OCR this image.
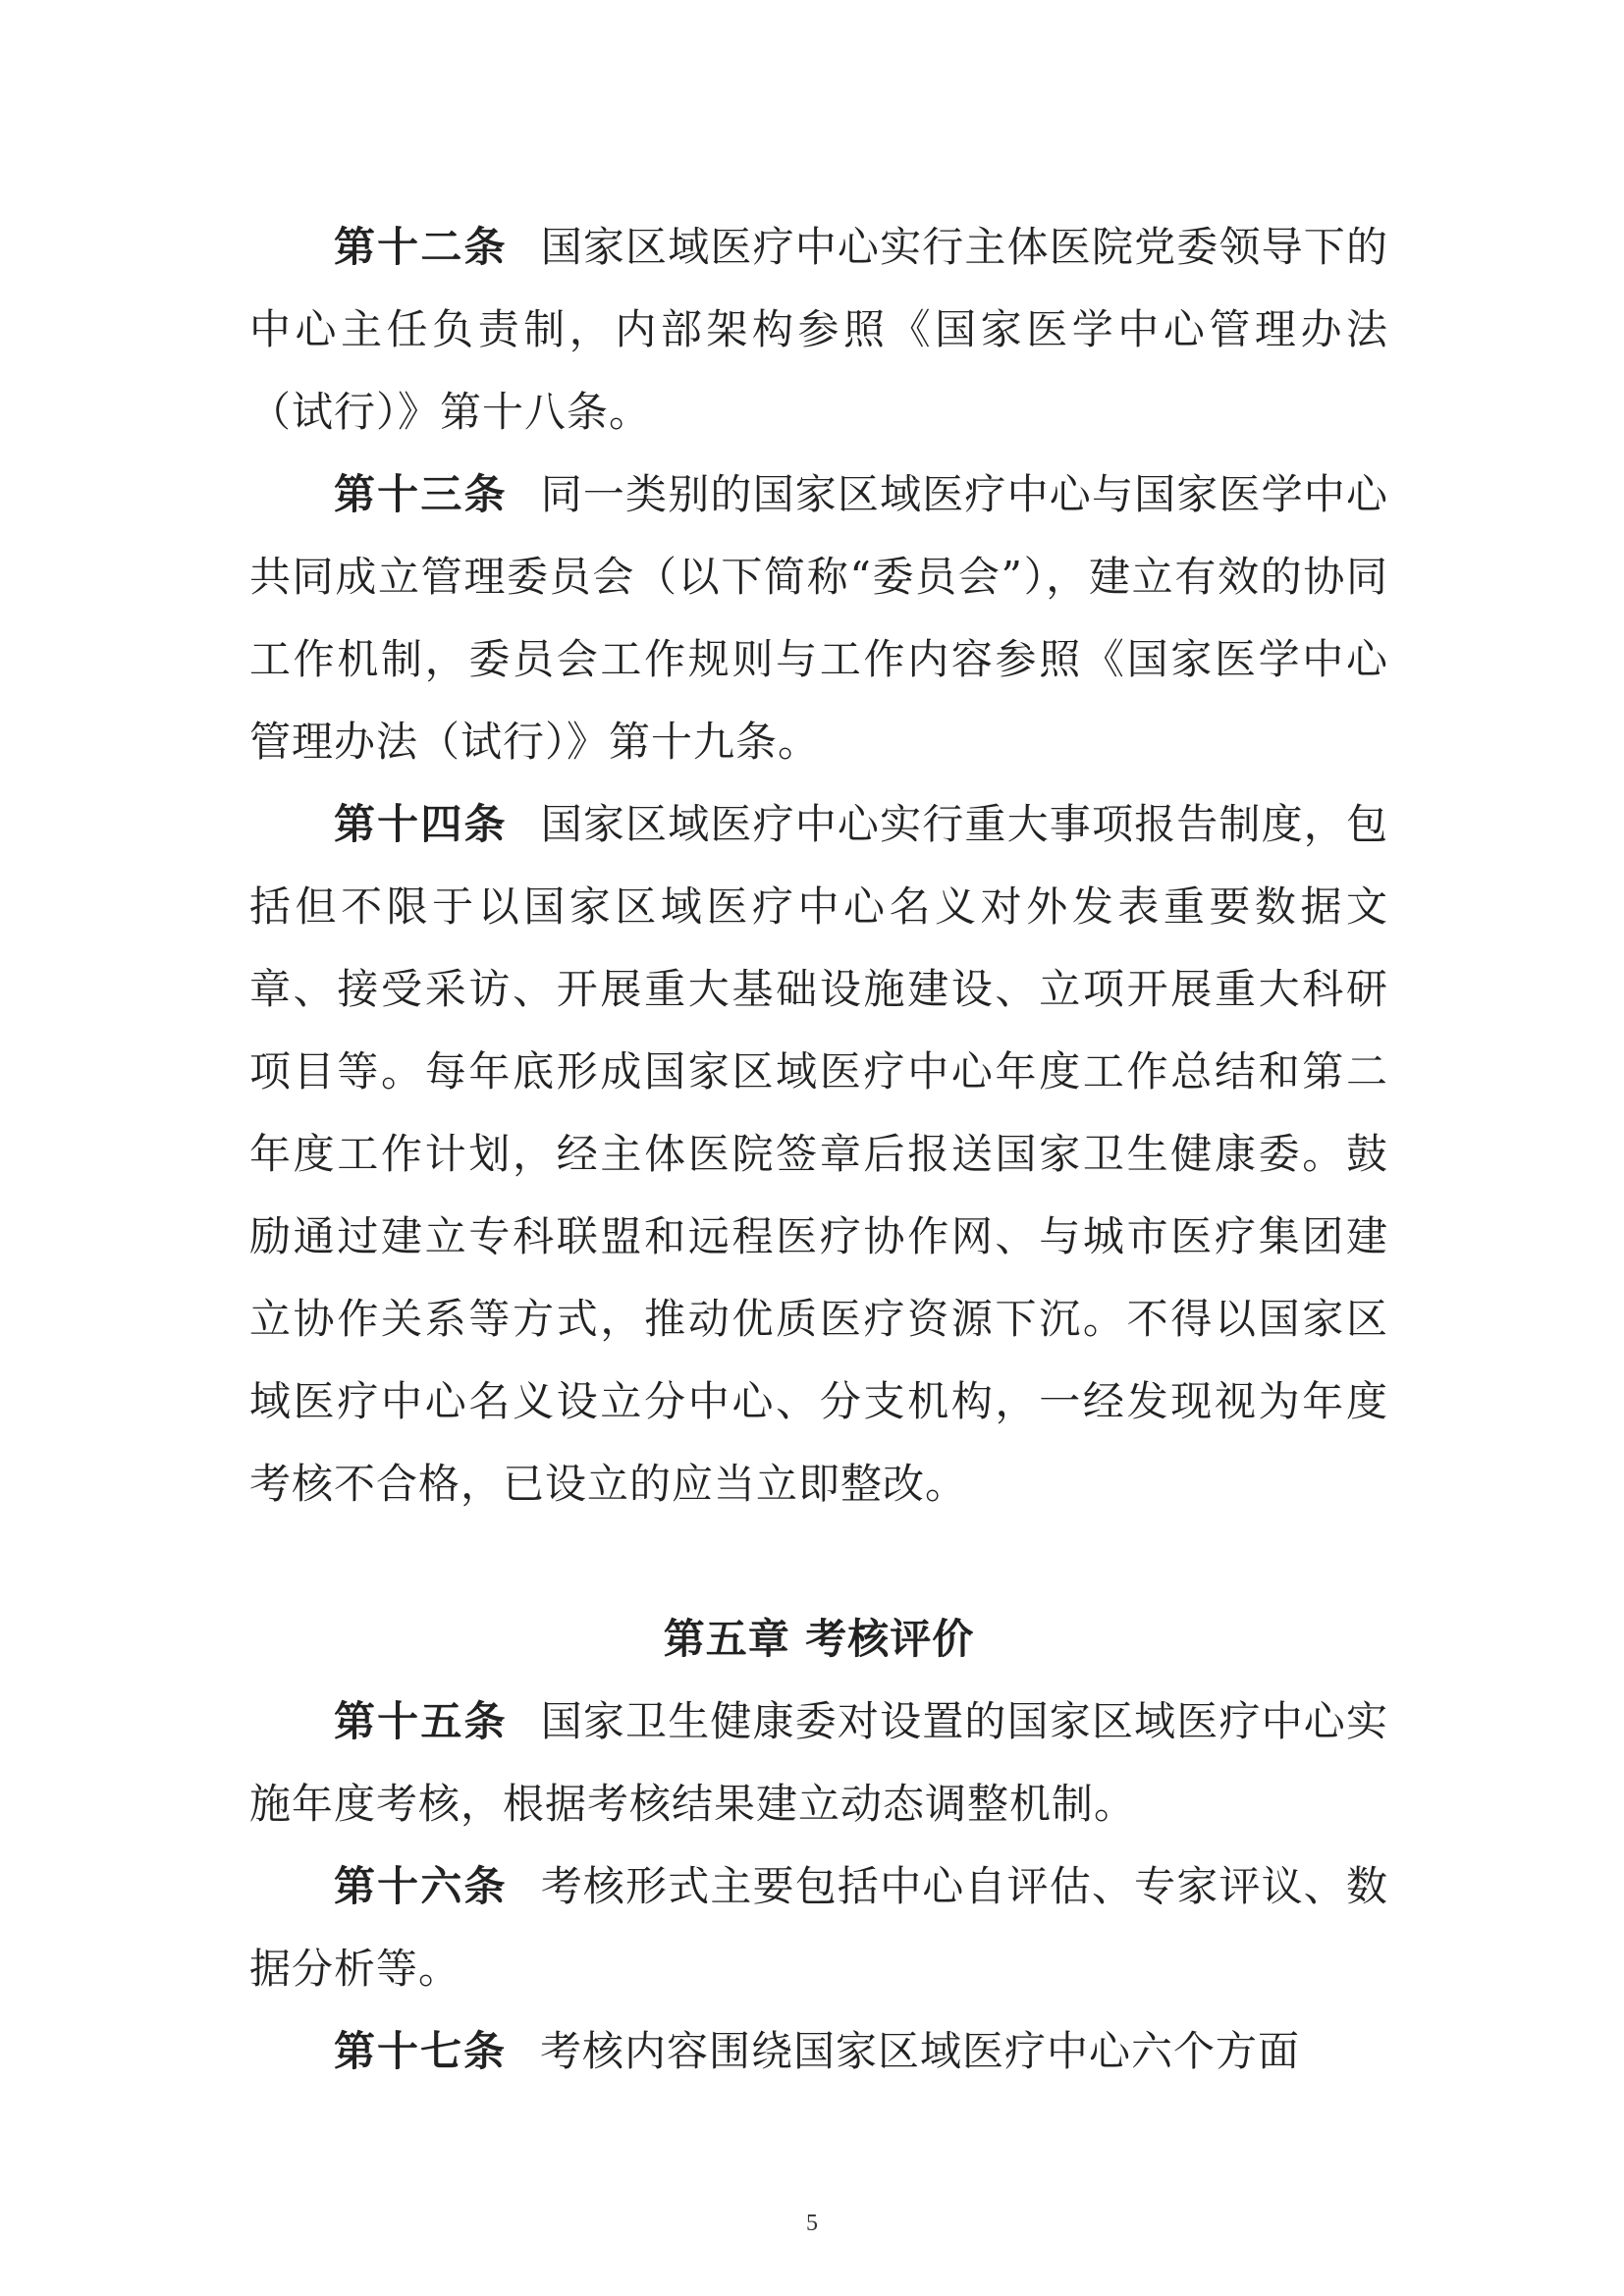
第十二条 国家区域医疗中心实行主体医院党委领导下的中心主任负责制，内部架构参照《国家医学中心管理办法（试行）》第十八条。

第十三条 同一类别的国家区域医疗中心与国家医学中心共同成立管理委员会（以下简称“委员会”），建立有效的协同工作机制，委员会工作规则与工作内容参照《国家医学中心管理办法（试行）》第十九条。

第十四条 国家区域医疗中心实行重大事项报告制度，包括但不限于以国家区域医疗中心名义对外发表重要数据文章、接受采访、开展重大基础设施建设、立项开展重大科研项目等。每年底形成国家区域医疗中心年度工作总结和第二年度工作计划，经主体医院签章后报送国家卫生健康委。鼓励通过建立专科联盟和远程医疗协作网、与城市医疗集团建立协作关系等方式，推动优质医疗资源下沉。不得以国家区域医疗中心名义设立分中心、分支机构，一经发现视为年度考核不合格，已设立的应当立即整改。

第五章 考核评价

第十五条 国家卫生健康委对设置的国家区域医疗中心实施年度考核，根据考核结果建立动态调整机制。

第十六条 考核形式主要包括中心自评估、专家评议、数据分析等。

第十七条 考核内容围绕国家区域医疗中心六个方面

5
